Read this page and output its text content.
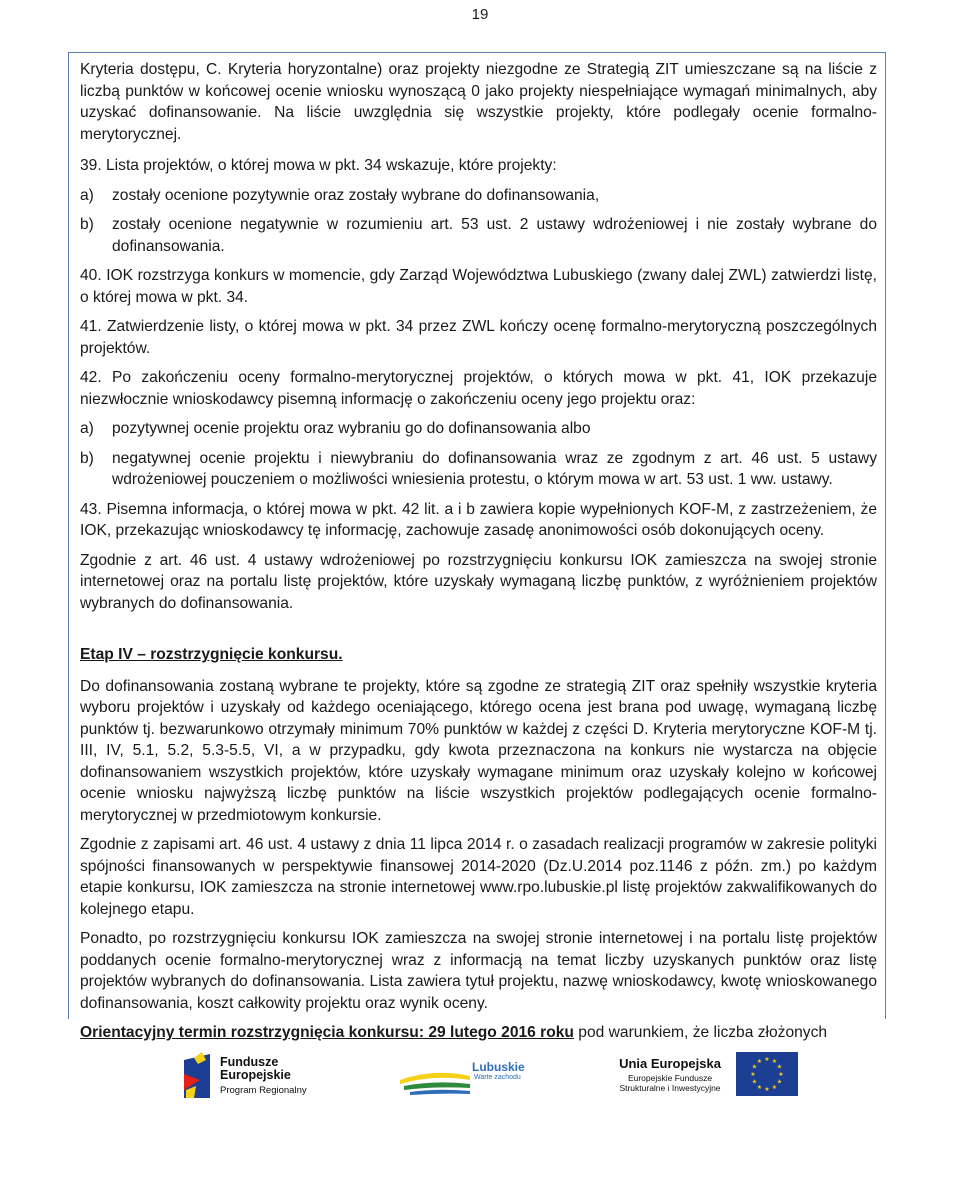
19

Kryteria dostępu, C. Kryteria horyzontalne) oraz projekty niezgodne ze Strategią ZIT umieszczane są na liście z liczbą punktów w końcowej ocenie wniosku wynoszącą 0 jako projekty niespełniające wymagań minimalnych, aby uzyskać dofinansowanie. Na liście uwzględnia się wszystkie projekty, które podlegały ocenie formalno-merytorycznej.

39. Lista projektów, o której mowa w pkt. 34 wskazuje, które projekty:

a) zostały ocenione pozytywnie oraz zostały wybrane do dofinansowania,

b) zostały ocenione negatywnie w rozumieniu art. 53 ust. 2 ustawy wdrożeniowej i nie zostały wybrane do dofinansowania.

40. IOK rozstrzyga konkurs w momencie, gdy Zarząd Województwa Lubuskiego (zwany dalej ZWL) zatwierdzi listę, o której mowa w pkt. 34.

41. Zatwierdzenie listy, o której mowa w pkt. 34 przez ZWL kończy ocenę formalno-merytoryczną poszczególnych projektów.

42. Po zakończeniu oceny formalno-merytorycznej projektów, o których mowa w pkt. 41, IOK przekazuje niezwłocznie wnioskodawcy pisemną informację o zakończeniu oceny jego projektu oraz:

a) pozytywnej ocenie projektu oraz wybraniu go do dofinansowania albo

b) negatywnej ocenie projektu i niewybraniu do dofinansowania wraz ze zgodnym z art. 46 ust. 5 ustawy wdrożeniowej pouczeniem o możliwości wniesienia protestu, o którym mowa w art. 53 ust. 1 ww. ustawy.

43. Pisemna informacja, o której mowa w pkt. 42 lit. a i b zawiera kopie wypełnionych KOF-M, z zastrzeżeniem, że IOK, przekazując wnioskodawcy tę informację, zachowuje zasadę anonimowości osób dokonujących oceny.

Zgodnie z art. 46 ust. 4 ustawy wdrożeniowej po rozstrzygnięciu konkursu IOK zamieszcza na swojej stronie internetowej oraz na portalu listę projektów, które uzyskały wymaganą liczbę punktów, z wyróżnieniem projektów wybranych do dofinansowania.

Etap IV – rozstrzygnięcie konkursu.

Do dofinansowania zostaną wybrane te projekty, które są zgodne ze strategią ZIT oraz spełniły wszystkie kryteria wyboru projektów i uzyskały od każdego oceniającego, którego ocena jest brana pod uwagę, wymaganą liczbę punktów tj. bezwarunkowo otrzymały minimum 70% punktów w każdej z części D. Kryteria merytoryczne KOF-M tj. III, IV, 5.1, 5.2, 5.3-5.5, VI, a w przypadku, gdy kwota przeznaczona na konkurs nie wystarcza na objęcie dofinansowaniem wszystkich projektów, które uzyskały wymagane minimum oraz uzyskały kolejno w końcowej ocenie wniosku najwyższą liczbę punktów na liście wszystkich projektów podlegających ocenie formalno-merytorycznej w przedmiotowym konkursie.

Zgodnie z zapisami art. 46 ust. 4 ustawy z dnia 11 lipca 2014 r. o zasadach realizacji programów w zakresie polityki spójności finansowanych w perspektywie finansowej 2014-2020 (Dz.U.2014 poz.1146 z późn. zm.) po każdym etapie konkursu, IOK zamieszcza na stronie internetowej www.rpo.lubuskie.pl listę projektów zakwalifikowanych do kolejnego etapu.

Ponadto, po rozstrzygnięciu konkursu IOK zamieszcza na swojej stronie internetowej i na portalu listę projektów poddanych ocenie formalno-merytorycznej wraz z informacją na temat liczby uzyskanych punktów oraz listę projektów wybranych do dofinansowania. Lista zawiera tytuł projektu, nazwę wnioskodawcy, kwotę wnioskowanego dofinansowania, koszt całkowity projektu oraz wynik oceny.

Orientacyjny termin rozstrzygnięcia konkursu: 29 lutego 2016 roku pod warunkiem, że liczba złożonych

Fundusze
Europejskie
Program Regionalny
Lubuskie
Warte zachodu
Unia Europejska
Europejskie Fundusze
Strukturalne i Inwestycyjne
★ ★
★
★
★
★
★
★
★
★
★
★
